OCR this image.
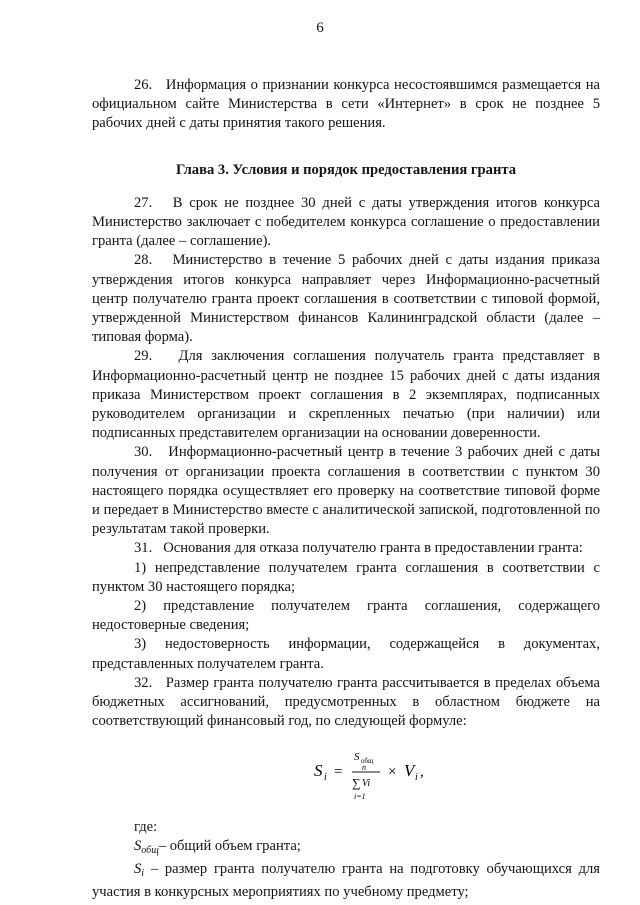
6

26.   Информация о признании конкурса несостоявшимся размещается на официальном сайте Министерства в сети «Интернет» в срок не позднее 5 рабочих дней с даты принятия такого решения.

Глава 3. Условия и порядок предоставления гранта

27.   В срок не позднее 30 дней с даты утверждения итогов конкурса Министерство заключает с победителем конкурса соглашение о предоставлении гранта (далее – соглашение).

28.   Министерство в течение 5 рабочих дней с даты издания приказа утверждения итогов конкурса направляет через Информационно-расчетный центр получателю гранта проект соглашения в соответствии с типовой формой, утвержденной Министерством финансов Калининградской области (далее – типовая форма).

29.   Для заключения соглашения получатель гранта представляет в Информационно-расчетный центр не позднее 15 рабочих дней с даты издания приказа Министерством проект соглашения в 2 экземплярах, подписанных руководителем организации и скрепленных печатью (при наличии) или подписанных представителем организации на основании доверенности.

30.   Информационно-расчетный центр в течение 3 рабочих дней с даты получения от организации проекта соглашения в соответствии с пунктом 30 настоящего порядка осуществляет его проверку на соответствие типовой форме и передает в Министерство вместе с аналитической запиской, подготовленной по результатам такой проверки.

31.   Основания для отказа получателю гранта в предоставлении гранта:

1) непредставление получателем гранта соглашения в соответствии с пунктом 30 настоящего порядка;

2) представление получателем гранта соглашения, содержащего недостоверные сведения;

3) недостоверность информации, содержащейся в документах, представленных получателем гранта.

32.   Размер гранта получателю гранта рассчитывается в пределах объема бюджетных ассигнований, предусмотренных в областном бюджете на соответствующий финансовый год, по следующей формуле:

S i =
S общ
n
∑ Vi
i=1
× V i ,

где:

$S_{общ}-$ общий объем гранта;

$S_i$ – размер гранта получателю гранта на подготовку обучающихся для участия в конкурсных мероприятиях по учебному предмету;
